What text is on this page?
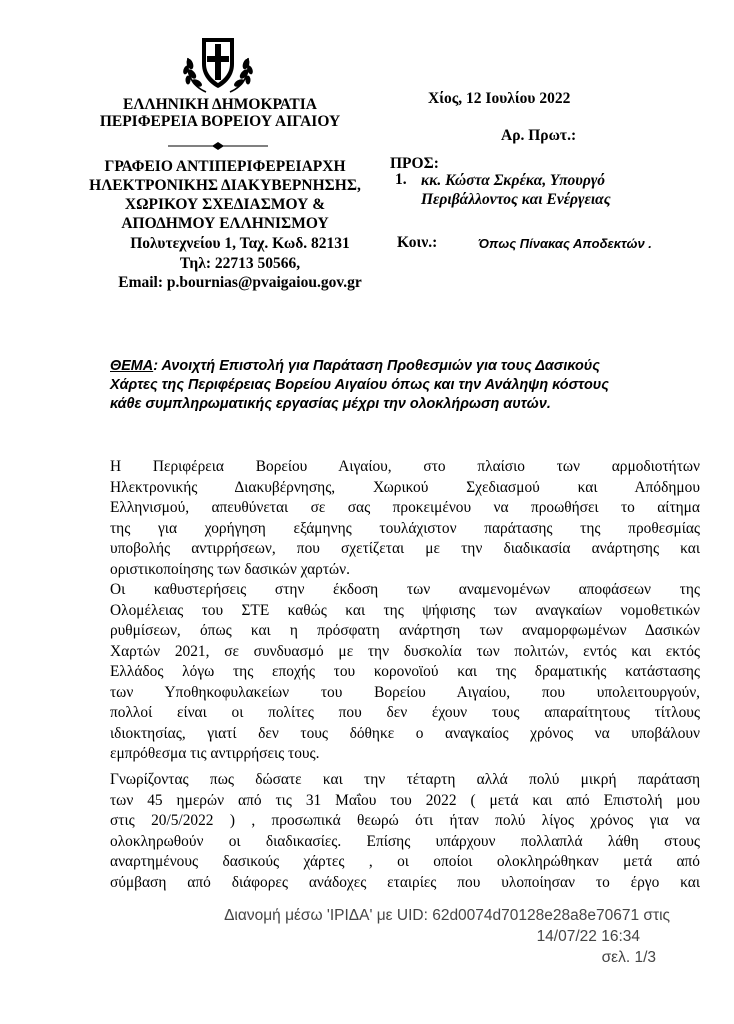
ΕΛΛΗΝΙΚΗ ΔΗΜΟΚΡΑΤΙΑ
ΠΕΡΙΦΕΡΕΙΑ ΒΟΡΕΙΟΥ ΑΙΓΑΙΟΥ
ΓΡΑΦΕΙΟ ΑΝΤΙΠΕΡΙΦΕΡΕΙΑΡΧΗ
ΗΛΕΚΤΡΟΝΙΚΗΣ ΔΙΑΚΥΒΕΡΝΗΣΗΣ,
ΧΩΡΙΚΟΥ ΣΧΕΔΙΑΣΜΟΥ &
ΑΠΟΔΗΜΟΥ ΕΛΛΗΝΙΣΜΟΥ
Πολυτεχνείου 1, Ταχ. Κωδ. 82131
Τηλ: 22713 50566,
Email: p.bournias@pvaigaiou.gov.gr
Χίος, 12 Ιουλίου 2022
Αρ. Πρωτ.:
ΠΡΟΣ:
1. κκ. Κώστα Σκρέκα, Υπουργό
Περιβάλλοντος και Ενέργειας
Κοιν.:	Όπως Πίνακας Αποδεκτών .
ΘΕΜΑ: Ανοιχτή Επιστολή για Παράταση Προθεσμιών για τους Δασικούς
Χάρτες της Περιφέρειας Βορείου Αιγαίου όπως και την Ανάληψη κόστους
κάθε συμπληρωματικής εργασίας μέχρι την ολοκλήρωση αυτών.
Η Περιφέρεια Βορείου Αιγαίου, στο πλαίσιο των αρμοδιοτήτων
Ηλεκτρονικής Διακυβέρνησης, Χωρικού Σχεδιασμού και Απόδημου
Ελληνισμού, απευθύνεται σε σας προκειμένου να προωθήσει το αίτημα
της για χορήγηση εξάμηνης τουλάχιστον παράτασης της προθεσμίας
υποβολής αντιρρήσεων, που σχετίζεται με την διαδικασία ανάρτησης και
οριστικοποίησης των δασικών χαρτών.
Οι καθυστερήσεις στην έκδοση των αναμενομένων αποφάσεων της
Ολομέλειας του ΣΤΕ καθώς και της ψήφισης των αναγκαίων νομοθετικών
ρυθμίσεων, όπως και η πρόσφατη ανάρτηση των αναμορφωμένων Δασικών
Χαρτών 2021, σε συνδυασμό με την δυσκολία των πολιτών, εντός και εκτός
Ελλάδος λόγω της εποχής του κορονοϊού και της δραματικής κατάστασης
των Υποθηκοφυλακείων του Βορείου Αιγαίου, που υπολειτουργούν,
πολλοί είναι οι πολίτες που δεν έχουν τους απαραίτητους τίτλους
ιδιοκτησίας, γιατί δεν τους δόθηκε ο αναγκαίος χρόνος να υποβάλουν
εμπρόθεσμα τις αντιρρήσεις τους.
Γνωρίζοντας πως δώσατε και την τέταρτη αλλά πολύ μικρή παράταση
των 45 ημερών από τις 31 Μαΐου του 2022 ( μετά και από Επιστολή μου
στις 20/5/2022 ) , προσωπικά θεωρώ ότι ήταν πολύ λίγος χρόνος για να
ολοκληρωθούν οι διαδικασίες. Επίσης υπάρχουν πολλαπλά λάθη στους
αναρτημένους δασικούς χάρτες , οι οποίοι ολοκληρώθηκαν μετά από
σύμβαση από διάφορες ανάδοχες εταιρίες που υλοποίησαν το έργο και
Διανομή μέσω 'ΙΡΙΔΑ' με UID: 62d0074d70128e28a8e70671 στις
14/07/22 16:34
σελ. 1/3
